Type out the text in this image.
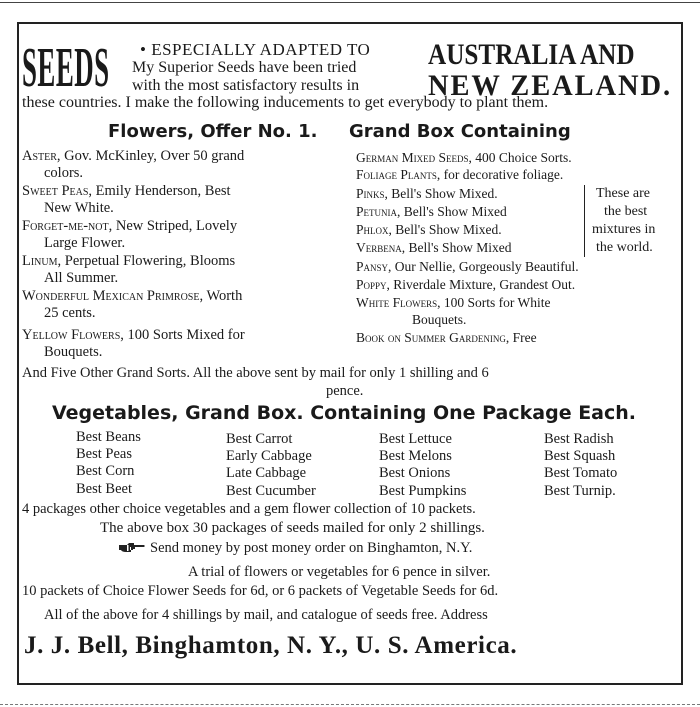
SEEDS • ESPECIALLY ADAPTED TO
My Superior Seeds have been tried
with the most satisfactory results in
AUSTRALIA AND
NEW ZEALAND.
these countries. I make the following inducements to get everybody to plant them.
Flowers, Offer No. 1. Grand Box Containing
Aster, Gov. McKinley, Over 50 grand
colors.
Sweet Peas, Emily Henderson, Best
New White.
Forget-me-not, New Striped, Lovely
Large Flower.
Linum, Perpetual Flowering, Blooms
All Summer.
Wonderful Mexican Primrose, Worth
25 cents.
Yellow Flowers, 100 Sorts Mixed for
Bouquets.
German Mixed Seeds, 400 Choice Sorts.
Foliage Plants, for decorative foliage.
Pinks, Bell's Show Mixed.
Petunia, Bell's Show Mixed
Phlox, Bell's Show Mixed.
Verbena, Bell's Show Mixed
Pansy, Our Nellie, Gorgeously Beautiful.
Poppy, Riverdale Mixture, Grandest Out.
White Flowers, 100 Sorts for White
Bouquets.
Book on Summer Gardening, Free
These are
the best
mixtures in
the world.
And Five Other Grand Sorts. All the above sent by mail for only 1 shilling and 6
pence.
Vegetables, Grand Box. Containing One Package Each.
Best Beans
Best Peas
Best Corn
Best Beet
Best Carrot
Early Cabbage
Late Cabbage
Best Cucumber
Best Lettuce
Best Melons
Best Onions
Best Pumpkins
Best Radish
Best Squash
Best Tomato
Best Turnip.
4 packages other choice vegetables and a gem flower collection of 10 packets.
The above box 30 packages of seeds mailed for only 2 shillings.
Send money by post money order on Binghamton, N.Y.
A trial of flowers or vegetables for 6 pence in silver.
10 packets of Choice Flower Seeds for 6d, or 6 packets of Vegetable Seeds for 6d.
All of the above for 4 shillings by mail, and catalogue of seeds free. Address
J. J. Bell, Binghamton, N. Y., U. S. America.
